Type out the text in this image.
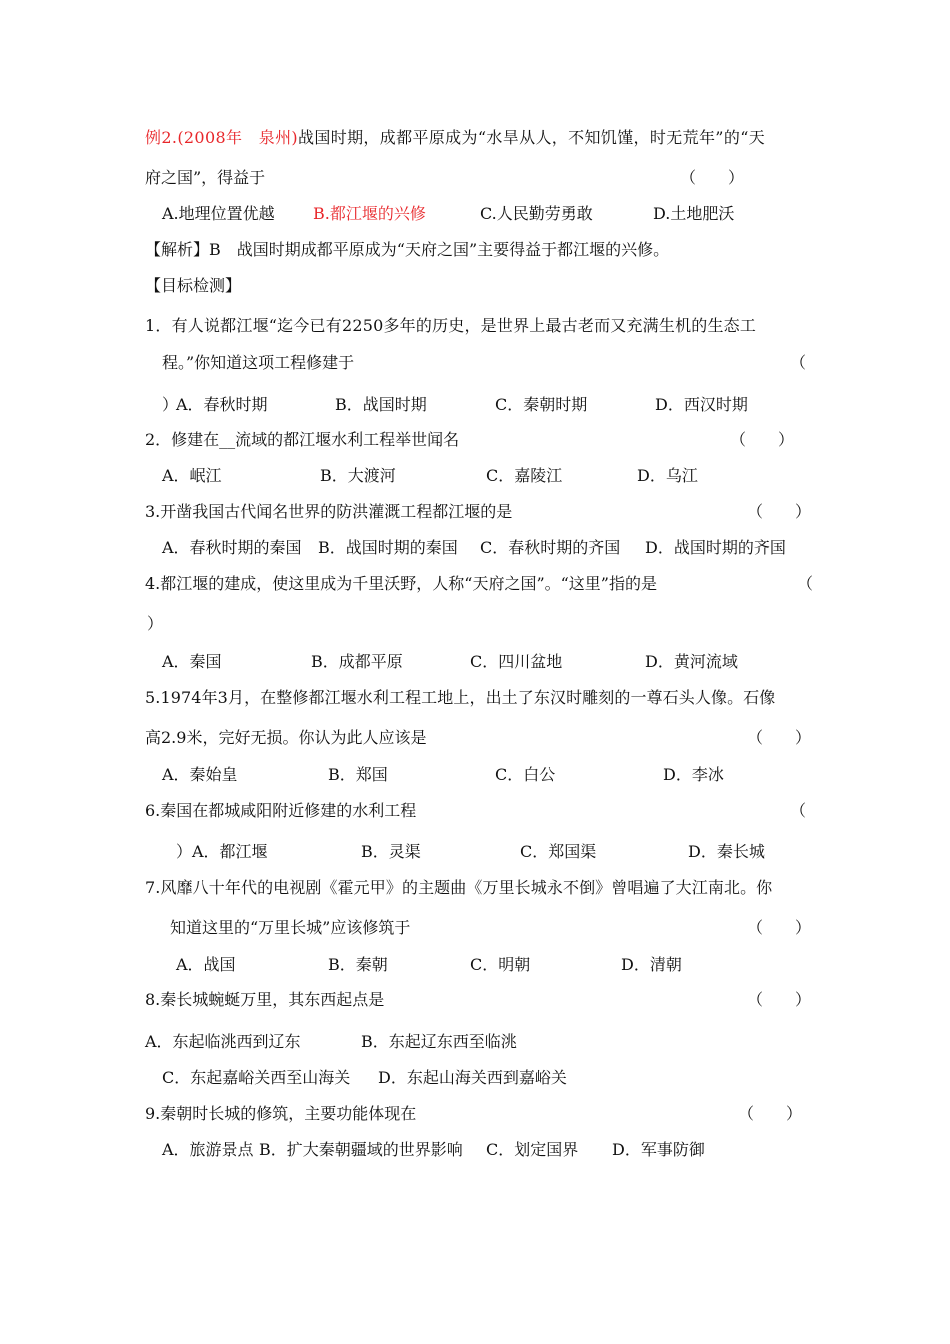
例2.(2008年　泉州)战国时期，成都平原成为“水旱从人，不知饥馑，时无荒年”的“天
府之国”，得益于	（　　）
A.地理位置优越 B.都江堰的兴修	C.人民勤劳勇敢	D.土地肥沃
【解析】B　战国时期成都平原成为“天府之国”主要得益于都江堰的兴修。
【目标检测】
1．有人说都江堰“迄今已有2250多年的历史，是世界上最古老而又充满生机的生态工
程。”你知道这项工程修建于	（
）
A．春秋时期	B．战国时期	C．秦朝时期	D．西汉时期
2．修建在__流域的都江堰水利工程举世闻名	（　　）
A．岷江	B．大渡河	C．嘉陵江	D．乌江
3.开凿我国古代闻名世界的防洪灌溉工程都江堰的是	（　　）
A．春秋时期的秦国 B．战国时期的秦国 C．春秋时期的齐国 D．战国时期的齐国
4.都江堰的建成，使这里成为千里沃野，人称“天府之国”。“这里”指的是	（
）
A．秦国	B．成都平原	C．四川盆地	D．黄河流域
5.1974年3月，在整修都江堰水利工程工地上，出土了东汉时雕刻的一尊石头人像。石像
高2.9米，完好无损。你认为此人应该是	（　　）
A．秦始皇	B．郑国	C．白公	D．李冰
6.秦国在都城咸阳附近修建的水利工程	（
） A．都江堰	B．灵渠	C．郑国渠	D．秦长城
7.风靡八十年代的电视剧《霍元甲》的主题曲《万里长城永不倒》曾唱遍了大江南北。你
知道这里的“万里长城”应该修筑于	（　　）
A．战国	B．秦朝	C．明朝	D．清朝
8.秦长城蜿蜒万里，其东西起点是	（　　）
A．东起临洮西到辽东	B．东起辽东西至临洮
C．东起嘉峪关西至山海关 D．东起山海关西到嘉峪关
9.秦朝时长城的修筑，主要功能体现在	（　　）
A．旅游景点 B．扩大秦朝疆域的世界影响 C．划定国界 D．军事防御
